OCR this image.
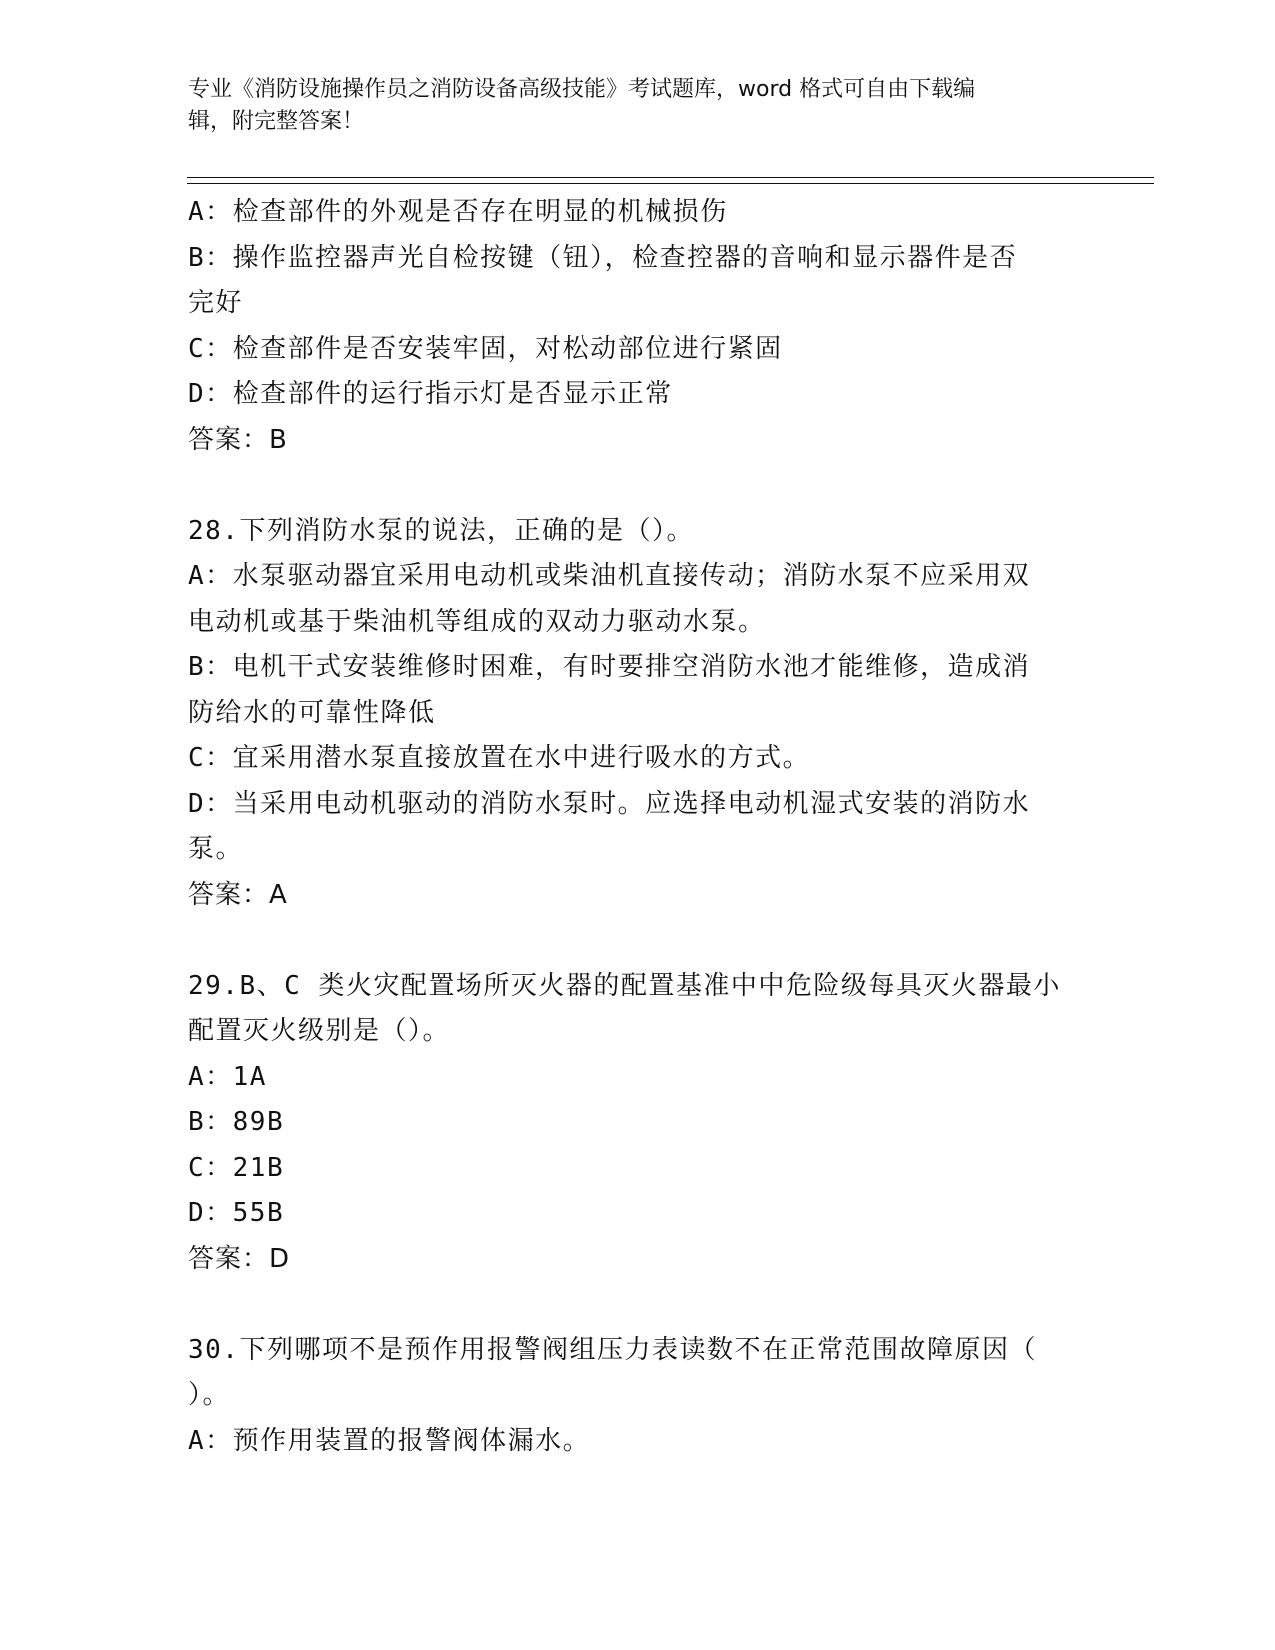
专业《消防设施操作员之消防设备高级技能》考试题库，word 格式可自由下载编
辑，附完整答案！
A：检查部件的外观是否存在明显的机械损伤
B：操作监控器声光自检按键（钮），检查控器的音响和显示器件是否
完好
C：检查部件是否安装牢固，对松动部位进行紧固
D：检查部件的运行指示灯是否显示正常
答案：B
28.下列消防水泵的说法，正确的是（）。
A：水泵驱动器宜采用电动机或柴油机直接传动；消防水泵不应采用双
电动机或基于柴油机等组成的双动力驱动水泵。
B：电机干式安装维修时困难，有时要排空消防水池才能维修，造成消
防给水的可靠性降低
C：宜采用潜水泵直接放置在水中进行吸水的方式。
D：当采用电动机驱动的消防水泵时。应选择电动机湿式安装的消防水
泵。
答案：A
29.B、C 类火灾配置场所灭火器的配置基准中中危险级每具灭火器最小
配置灭火级别是（）。
A：1A
B：89B
C：21B
D：55B
答案：D
30.下列哪项不是预作用报警阀组压力表读数不在正常范围故障原因（
）。
A：预作用装置的报警阀体漏水。
